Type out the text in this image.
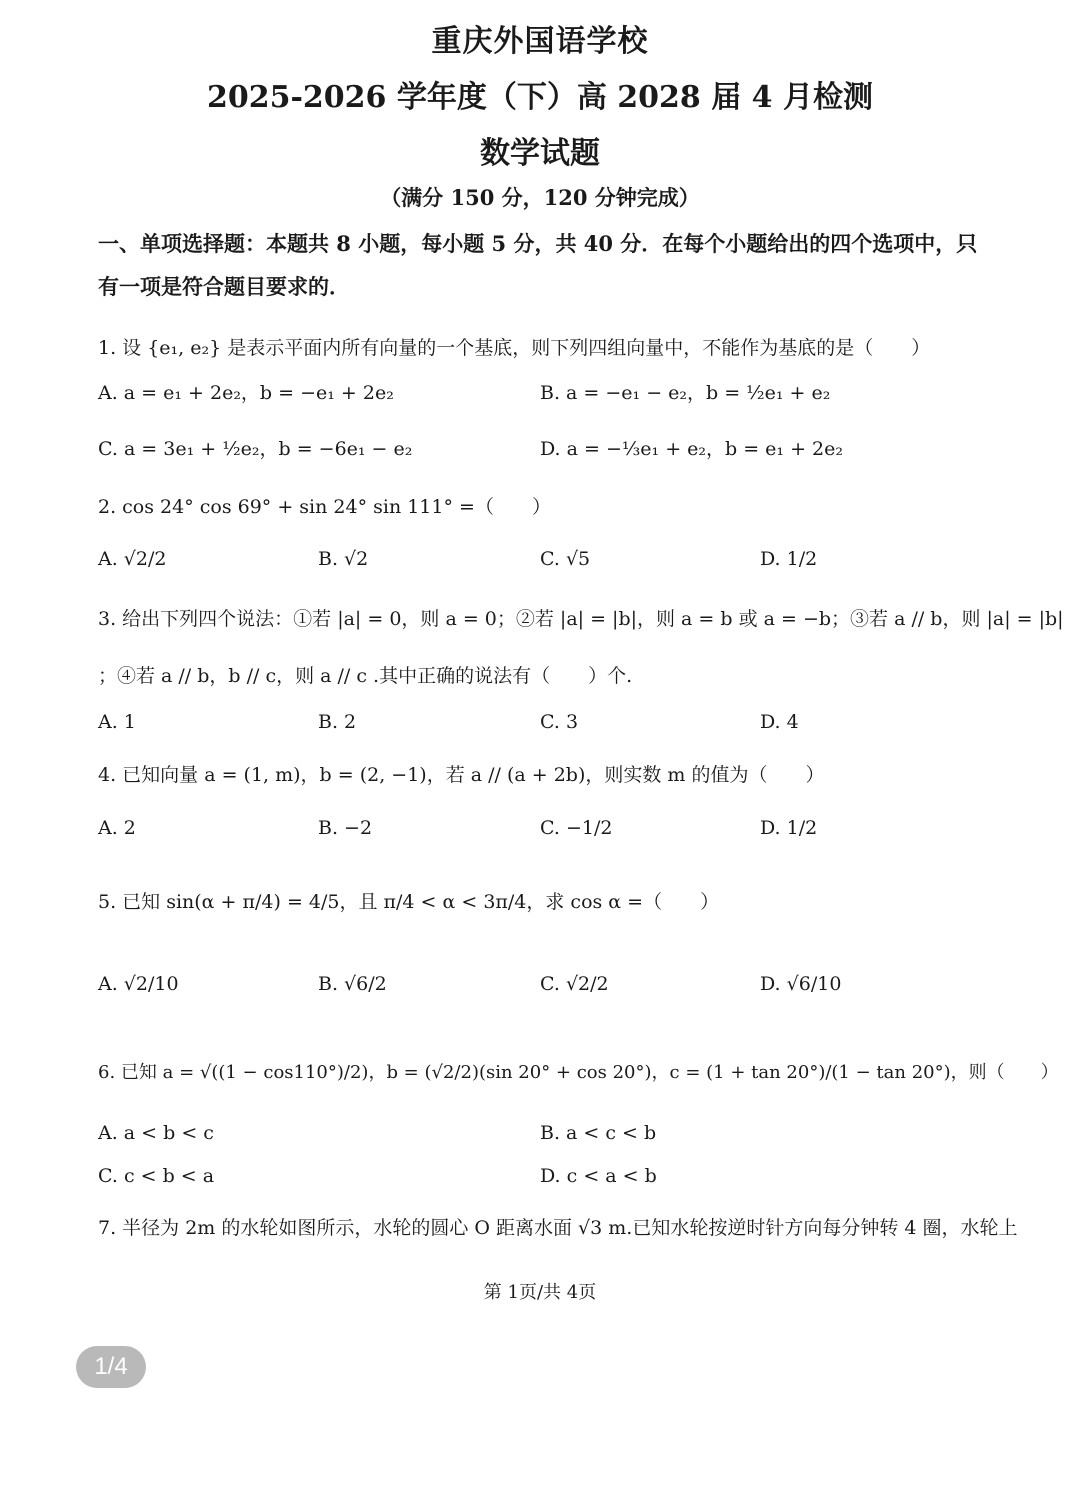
重庆外国语学校
2025-2026 学年度（下）高 2028 届 4 月检测
数学试题
（满分 150 分，120 分钟完成）
一、单项选择题：本题共 8 小题，每小题 5 分，共 40 分．在每个小题给出的四个选项中，只
有一项是符合题目要求的．
1. 设 {e₁, e₂} 是表示平面内所有向量的一个基底，则下列四组向量中，不能作为基底的是（　　）
A. a = e₁ + 2e₂，b = −e₁ + 2e₂	B. a = −e₁ − e₂，b = ½e₁ + e₂
C. a = 3e₁ + ½e₂，b = −6e₁ − e₂	D. a = −⅓e₁ + e₂，b = e₁ + 2e₂
2. cos 24° cos 69° + sin 24° sin 111° =（　　）
A. √2/2	B. √2	C. √5	D. 1/2
3. 给出下列四个说法：①若 |a| = 0，则 a = 0；②若 |a| = |b|，则 a = b 或 a = −b；③若 a // b，则 |a| = |b|
；④若 a // b，b // c，则 a // c .其中正确的说法有（　　）个.
A. 1	B. 2	C. 3	D. 4
4. 已知向量 a = (1, m)，b = (2, −1)，若 a // (a + 2b)，则实数 m 的值为（　　）
A. 2	B. −2	C. −1/2	D. 1/2
5. 已知 sin(α + π/4) = 4/5，且 π/4 < α < 3π/4，求 cos α =（　　）
A. √2/10	B. √6/2	C. √2/2	D. √6/10
6. 已知 a = √((1 − cos110°)/2)，b = (√2/2)(sin 20° + cos 20°)，c = (1 + tan 20°)/(1 − tan 20°)，则（　　）
A. a < b < c	B. a < c < b
C. c < b < a	D. c < a < b
7. 半径为 2m 的水轮如图所示，水轮的圆心 O 距离水面 √3 m.已知水轮按逆时针方向每分钟转 4 圈，水轮上
第 1页/共 4页
1/4
